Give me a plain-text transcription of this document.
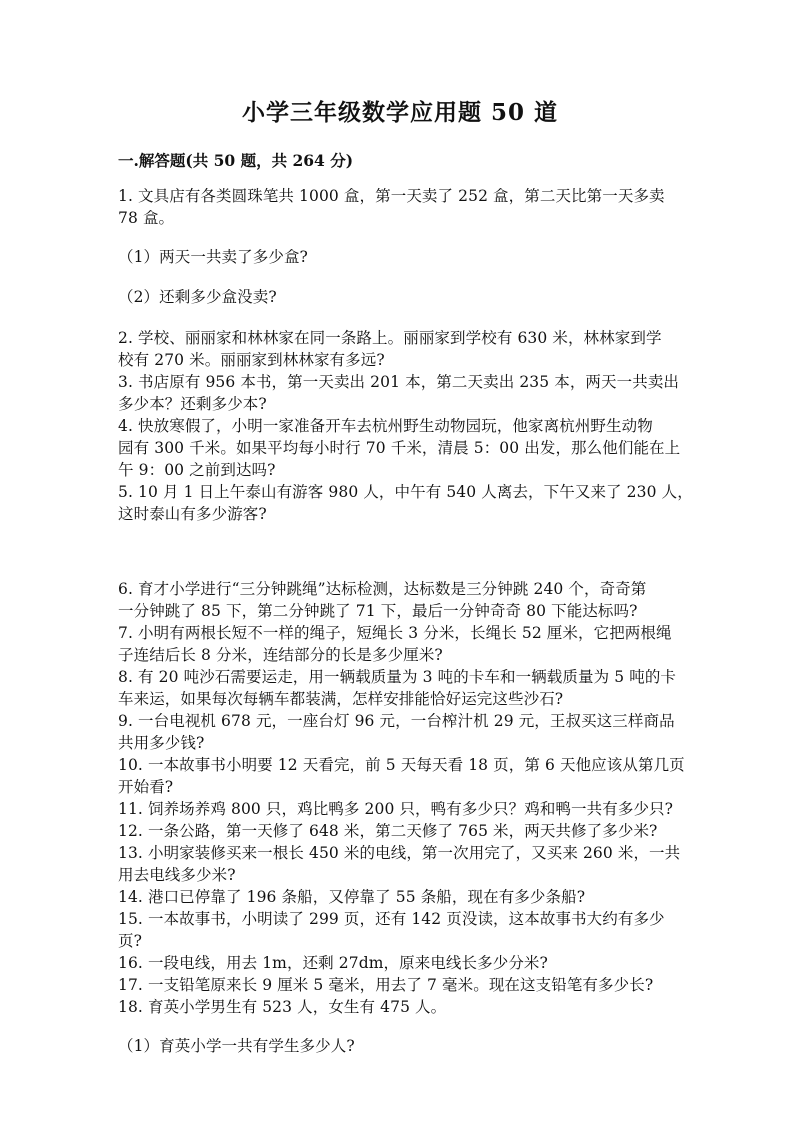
小学三年级数学应用题 50 道
一.解答题(共 50 题，共 264 分)
1. 文具店有各类圆珠笔共 1000 盒，第一天卖了 252 盒，第二天比第一天多卖
78 盒。
（1）两天一共卖了多少盒?
（2）还剩多少盒没卖?
2. 学校、丽丽家和林林家在同一条路上。丽丽家到学校有 630 米，林林家到学
校有 270 米。丽丽家到林林家有多远?
3. 书店原有 956 本书，第一天卖出 201 本，第二天卖出 235 本，两天一共卖出
多少本？还剩多少本?
4. 快放寒假了，小明一家准备开车去杭州野生动物园玩，他家离杭州野生动物
园有 300 千米。如果平均每小时行 70 千米，清晨 5：00 出发，那么他们能在上
午 9：00 之前到达吗?
5. 10 月 1 日上午泰山有游客 980 人，中午有 540 人离去，下午又来了 230 人，
这时泰山有多少游客?
6. 育才小学进行“三分钟跳绳”达标检测，达标数是三分钟跳 240 个，奇奇第
一分钟跳了 85 下，第二分钟跳了 71 下，最后一分钟奇奇 80 下能达标吗?
7. 小明有两根长短不一样的绳子，短绳长 3 分米，长绳长 52 厘米，它把两根绳
子连结后长 8 分米，连结部分的长是多少厘米?
8. 有 20 吨沙石需要运走，用一辆载质量为 3 吨的卡车和一辆载质量为 5 吨的卡
车来运，如果每次每辆车都装满，怎样安排能恰好运完这些沙石?
9. 一台电视机 678 元，一座台灯 96 元，一台榨汁机 29 元，王叔买这三样商品
共用多少钱?
10. 一本故事书小明要 12 天看完，前 5 天每天看 18 页，第 6 天他应该从第几页
开始看?
11. 饲养场养鸡 800 只，鸡比鸭多 200 只，鸭有多少只？鸡和鸭一共有多少只?
12. 一条公路，第一天修了 648 米，第二天修了 765 米，两天共修了多少米?
13. 小明家装修买来一根长 450 米的电线，第一次用完了，又买来 260 米，一共
用去电线多少米?
14. 港口已停靠了 196 条船，又停靠了 55 条船，现在有多少条船?
15. 一本故事书，小明读了 299 页，还有 142 页没读，这本故事书大约有多少
页?
16. 一段电线，用去 1m，还剩 27dm，原来电线长多少分米?
17. 一支铅笔原来长 9 厘米 5 毫米，用去了 7 毫米。现在这支铅笔有多少长?
18. 育英小学男生有 523 人，女生有 475 人。
（1）育英小学一共有学生多少人?
